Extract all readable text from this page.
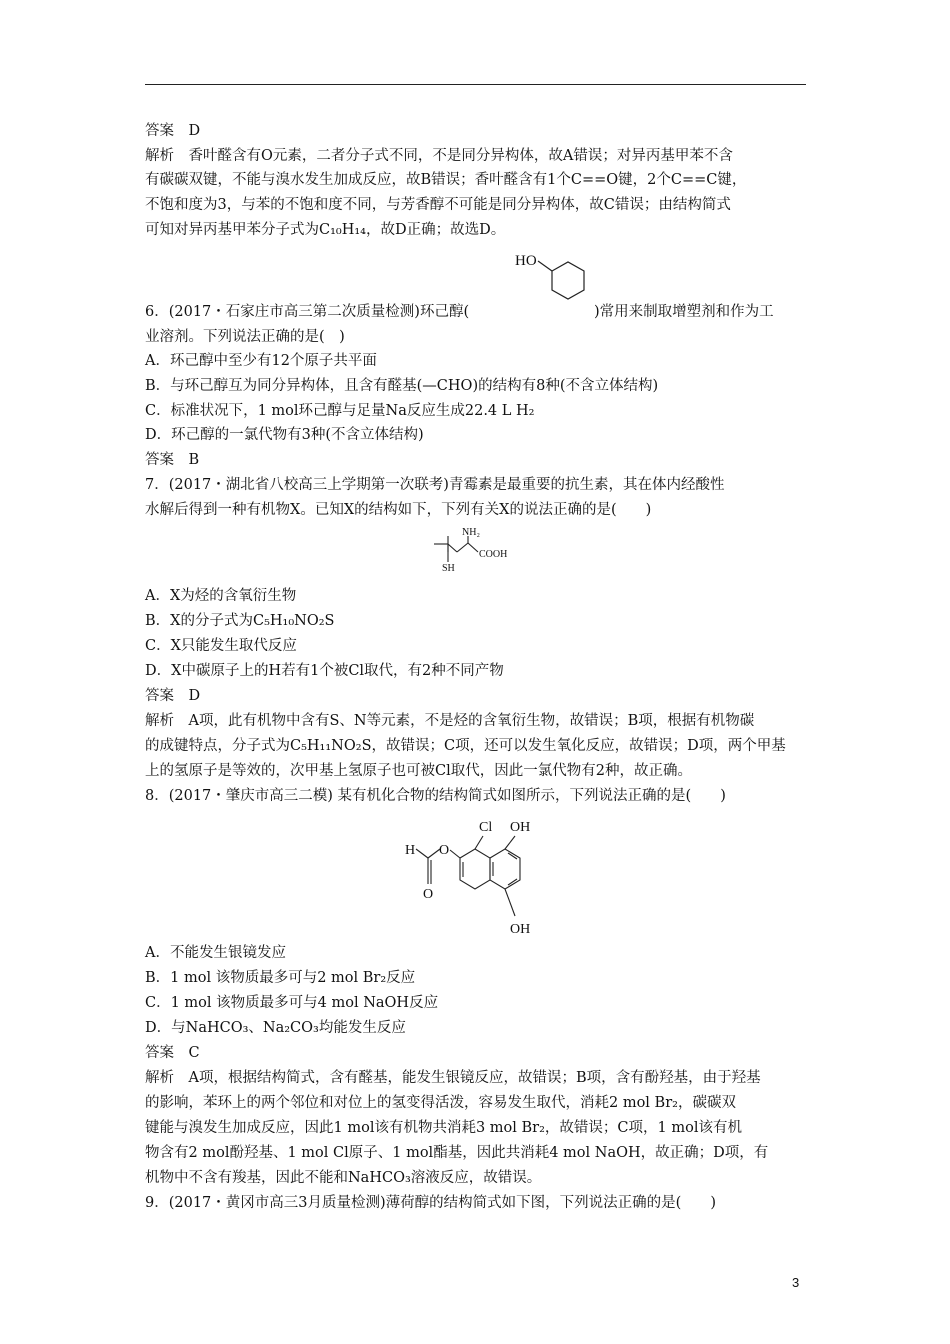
答案　D
解析　香叶醛含有O元素，二者分子式不同，不是同分异构体，故A错误；对异丙基甲苯不含
有碳碳双键，不能与溴水发生加成反应，故B错误；香叶醛含有1个C==O键，2个C==C键，
不饱和度为3，与苯的不饱和度不同，与芳香醇不可能是同分异构体，故C错误；由结构简式
可知对异丙基甲苯分子式为C₁₀H₁₄，故D正确；故选D。
HO
6．(2017・石家庄市高三第二次质量检测)环己醇(	)常用来制取增塑剂和作为工
业溶剂。下列说法正确的是(　)
A．环己醇中至少有12个原子共平面
B．与环己醇互为同分异构体，且含有醛基(—CHO)的结构有8种(不含立体结构)
C．标准状况下，1 mol环己醇与足量Na反应生成22.4 L H₂
D．环己醇的一氯代物有3种(不含立体结构)
答案　B
7．(2017・湖北省八校高三上学期第一次联考)青霉素是最重要的抗生素，其在体内经酸性
水解后得到一种有机物X。已知X的结构如下，下列有关X的说法正确的是(　　)
NH₂
COOH
SH
A．X为烃的含氧衍生物
B．X的分子式为C₅H₁₀NO₂S
C．X只能发生取代反应
D．X中碳原子上的H若有1个被Cl取代，有2种不同产物
答案　D
解析　A项，此有机物中含有S、N等元素，不是烃的含氧衍生物，故错误；B项，根据有机物碳
的成键特点，分子式为C₅H₁₁NO₂S，故错误；C项，还可以发生氧化反应，故错误；D项，两个甲基
上的氢原子是等效的，次甲基上氢原子也可被Cl取代，因此一氯代物有2种，故正确。
8．(2017・肇庆市高三二模) 某有机化合物的结构简式如图所示，下列说法正确的是(　　)
H
O
O
Cl OH
OH
A．不能发生银镜发应
B．1 mol 该物质最多可与2 mol Br₂反应
C．1 mol 该物质最多可与4 mol NaOH反应
D．与NaHCO₃、Na₂CO₃均能发生反应
答案　C
解析　A项，根据结构简式，含有醛基，能发生银镜反应，故错误；B项，含有酚羟基，由于羟基
的影响，苯环上的两个邻位和对位上的氢变得活泼，容易发生取代，消耗2 mol Br₂，碳碳双
键能与溴发生加成反应，因此1 mol该有机物共消耗3 mol Br₂，故错误；C项，1 mol该有机
物含有2 mol酚羟基、1 mol Cl原子、1 mol酯基，因此共消耗4 mol NaOH，故正确；D项，有
机物中不含有羧基，因此不能和NaHCO₃溶液反应，故错误。
9．(2017・黄冈市高三3月质量检测)薄荷醇的结构简式如下图，下列说法正确的是(　　)
3
